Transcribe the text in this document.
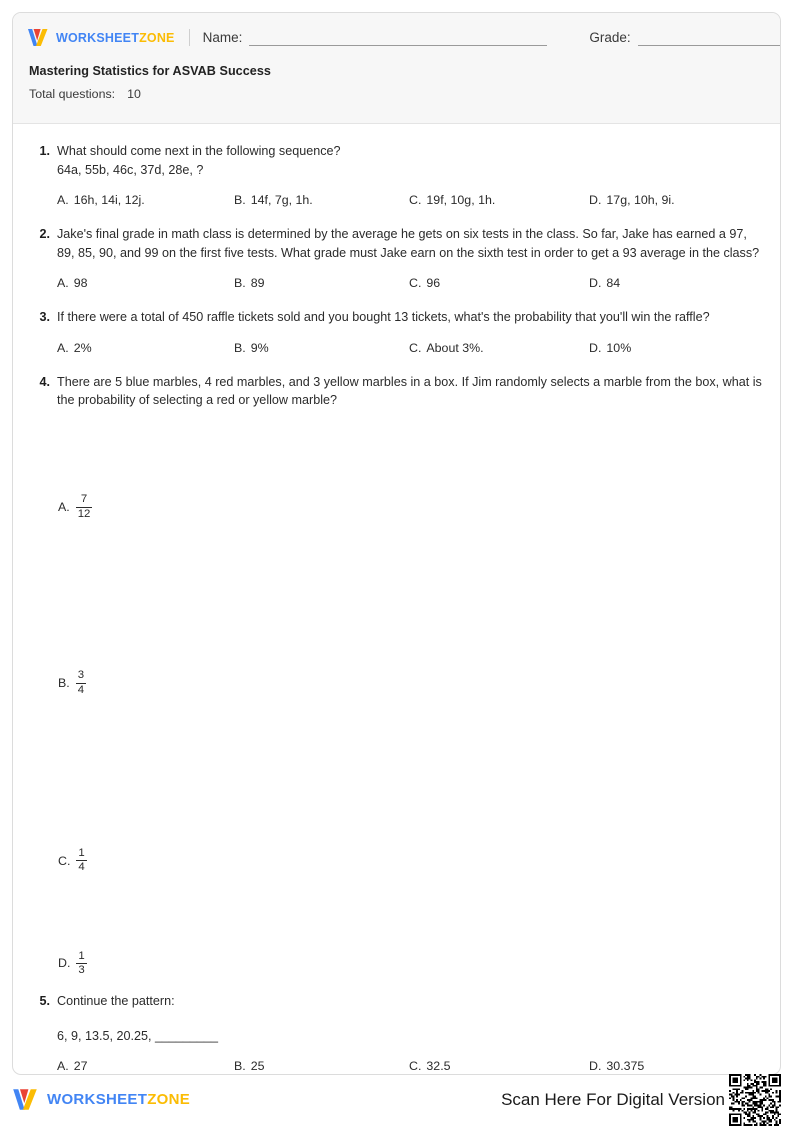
WORKSHEETZONE Name:	Grade:
Mastering Statistics for ASVAB Success
Total questions: 10
1. What should come next in the following sequence?
64a, 55b, 46c, 37d, 28e, ?
A. 16h, 14i, 12j.	B. 14f, 7g, 1h.	C. 19f, 10g, 1h.	D. 17g, 10h, 9i.
2. Jake's final grade in math class is determined by the average he gets on six tests in the class. So far, Jake has earned a 97, 89, 85, 90, and 99 on the first five tests. What grade must Jake earn on the sixth test in order to get a 93 average in the class?
A. 98	B. 89	C. 96	D. 84
3. If there were a total of 450 raffle tickets sold and you bought 13 tickets, what's the probability that you'll win the raffle?
A. 2%	B. 9%	C. About 3%.	D. 10%
4. There are 5 blue marbles, 4 red marbles, and 3 yellow marbles in a box. If Jim randomly selects a marble from the box, what is the probability of selecting a red or yellow marble?
A. $\frac{7}{12}$
B. $\frac{3}{4}$
C. $\frac{1}{4}$
D. $\frac{1}{3}$
5. Continue the pattern:
6, 9, 13.5, 20.25, _________
A. 27	B. 25	C. 32.5	D. 30.375
WORKSHEETZONE	Scan Here For Digital Version
